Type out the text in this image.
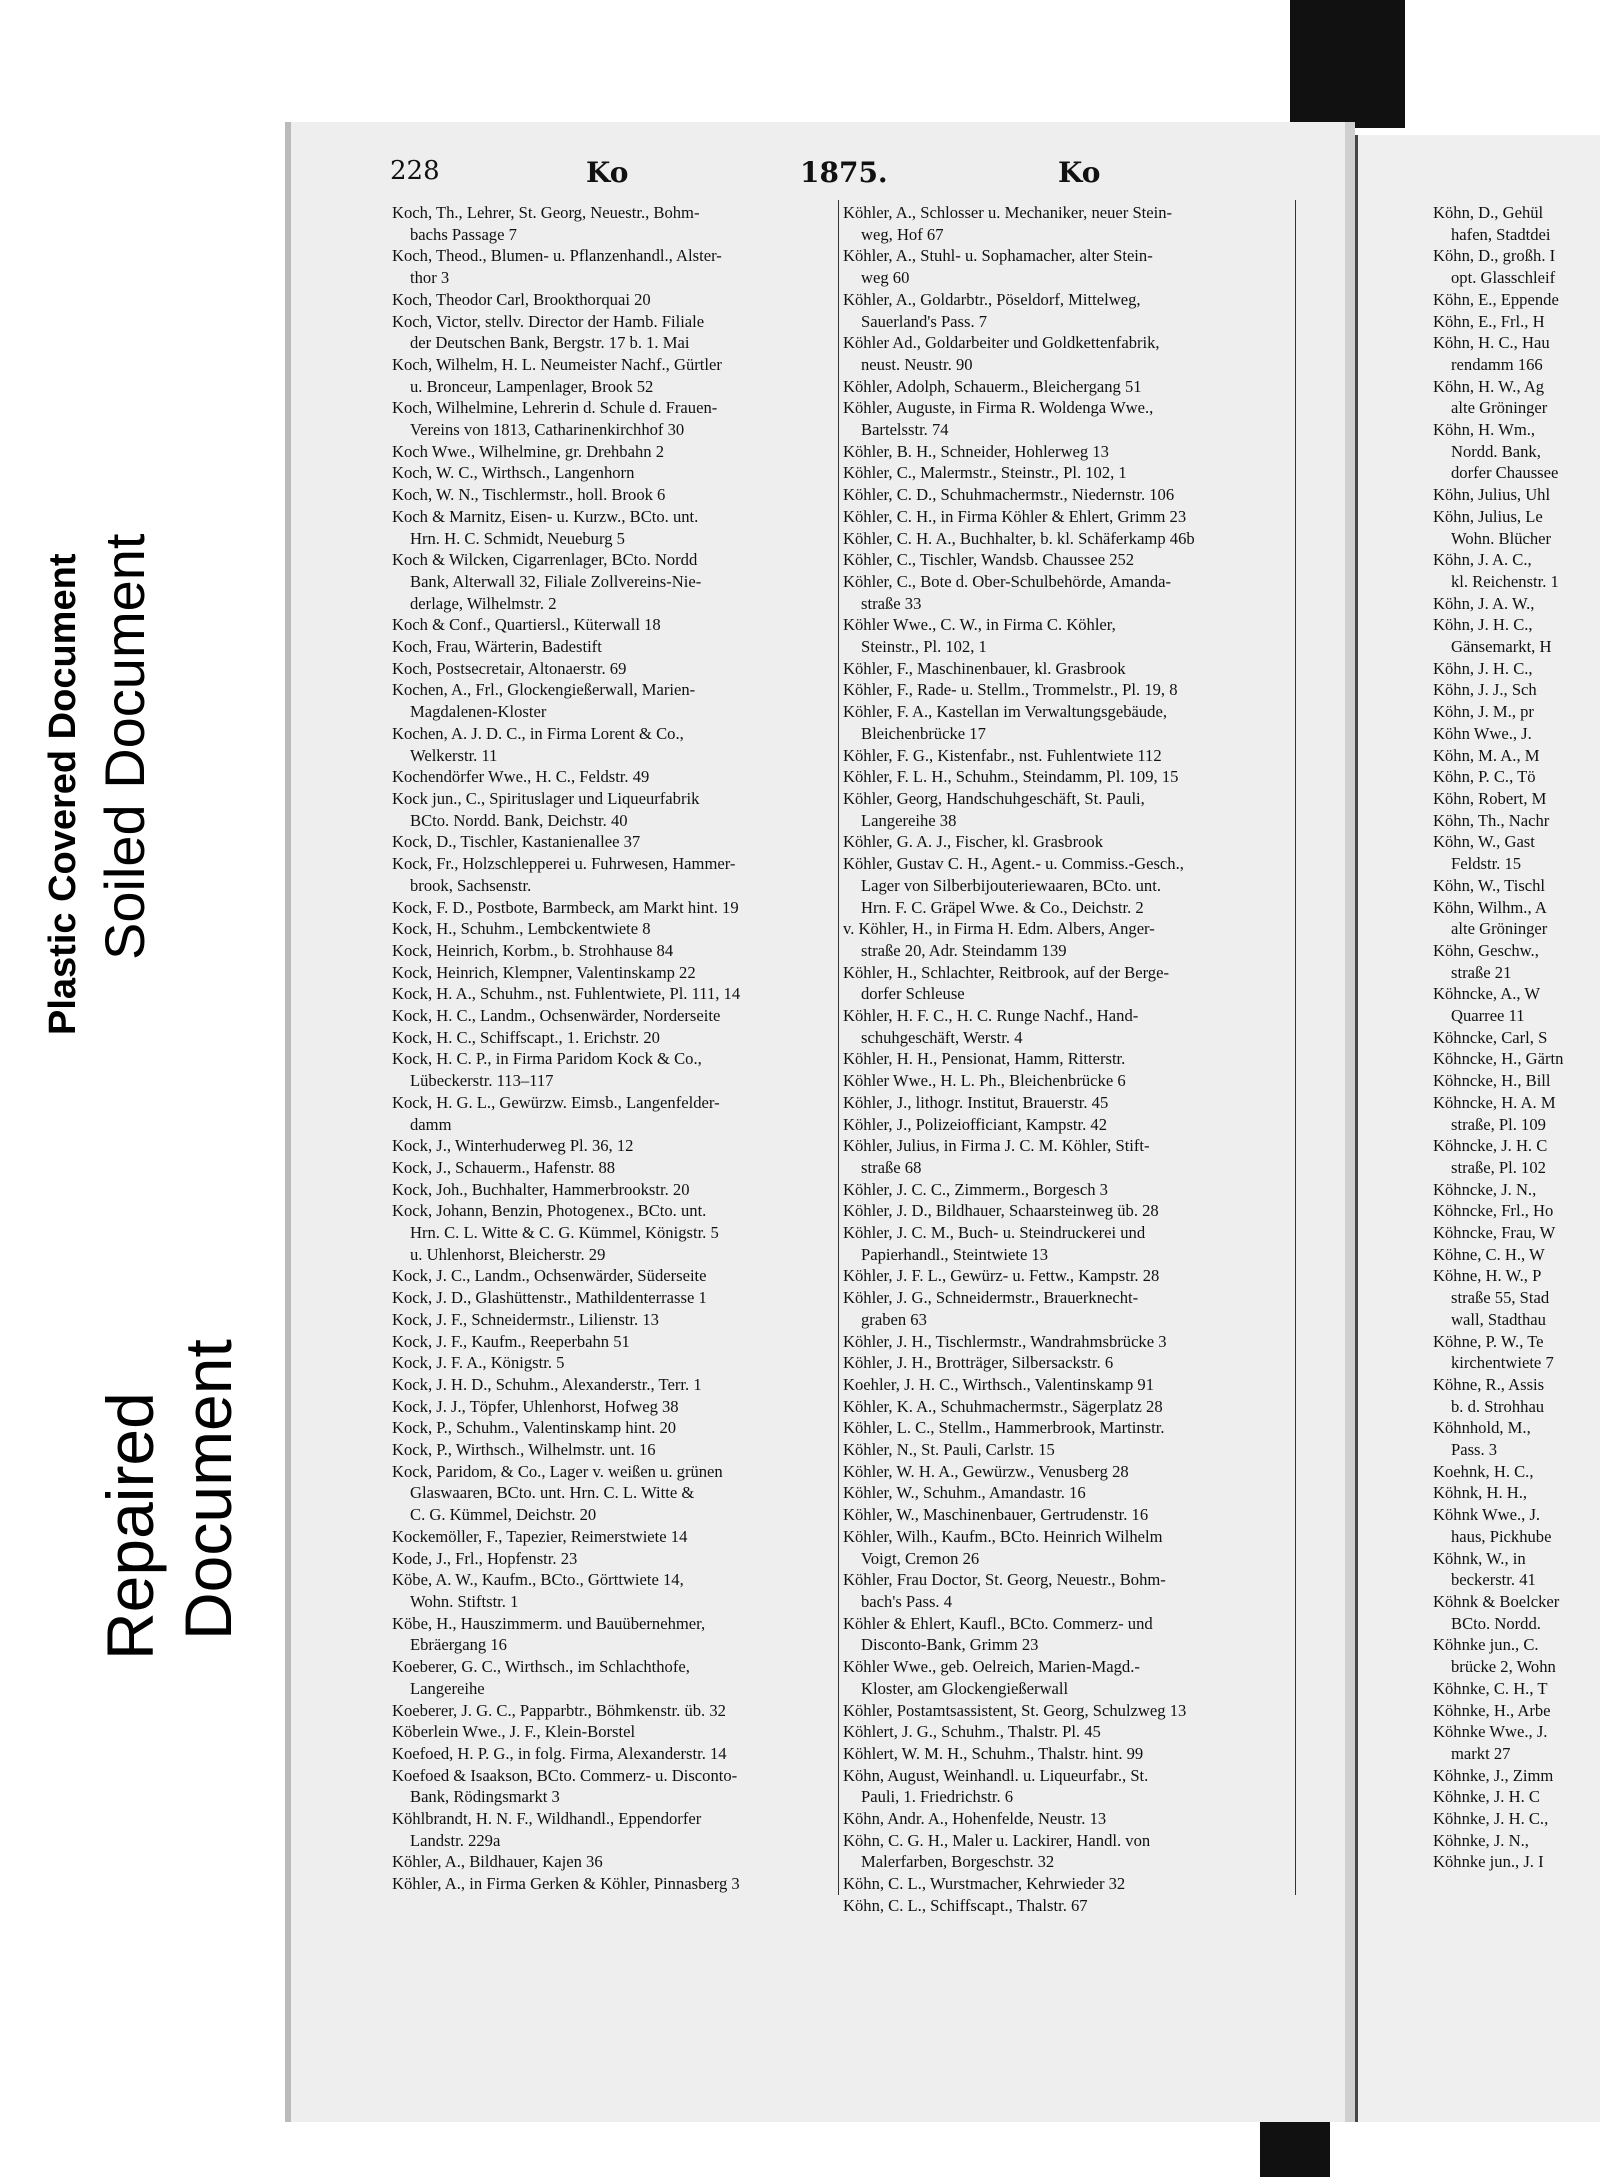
Plastic Covered Document Soiled Document
Repaired Document
228	Ko	1875.	Ko
Koch, Th., Lehrer, St. Georg, Neuestr., Bohm-
bachs Passage 7
Koch, Theod., Blumen- u. Pflanzenhandl., Alster-
thor 3
Koch, Theodor Carl, Brookthorquai 20
Koch, Victor, stellv. Director der Hamb. Filiale
der Deutschen Bank, Bergstr. 17 b. 1. Mai
Koch, Wilhelm, H. L. Neumeister Nachf., Gürtler
u. Bronceur, Lampenlager, Brook 52
Koch, Wilhelmine, Lehrerin d. Schule d. Frauen-
Vereins von 1813, Catharinenkirchhof 30
Koch Wwe., Wilhelmine, gr. Drehbahn 2
Koch, W. C., Wirthsch., Langenhorn
Koch, W. N., Tischlermstr., holl. Brook 6
Koch & Marnitz, Eisen- u. Kurzw., BCto. unt.
Hrn. H. C. Schmidt, Neueburg 5
Koch & Wilcken, Cigarrenlager, BCto. Nordd
Bank, Alterwall 32, Filiale Zollvereins-Nie-
derlage, Wilhelmstr. 2
Koch & Conf., Quartiersl., Küterwall 18
Koch, Frau, Wärterin, Badestift
Koch, Postsecretair, Altonaerstr. 69
Kochen, A., Frl., Glockengießerwall, Marien-
Magdalenen-Kloster
Kochen, A. J. D. C., in Firma Lorent & Co.,
Welkerstr. 11
Kochendörfer Wwe., H. C., Feldstr. 49
Kock jun., C., Spirituslager und Liqueurfabrik
BCto. Nordd. Bank, Deichstr. 40
Kock, D., Tischler, Kastanienallee 37
Kock, Fr., Holzschlepperei u. Fuhrwesen, Hammer-
brook, Sachsenstr.
Kock, F. D., Postbote, Barmbeck, am Markt hint. 19
Kock, H., Schuhm., Lembckentwiete 8
Kock, Heinrich, Korbm., b. Strohhause 84
Kock, Heinrich, Klempner, Valentinskamp 22
Kock, H. A., Schuhm., nst. Fuhlentwiete, Pl. 111, 14
Kock, H. C., Landm., Ochsenwärder, Norderseite
Kock, H. C., Schiffscapt., 1. Erichstr. 20
Kock, H. C. P., in Firma Paridom Kock & Co.,
Lübeckerstr. 113–117
Kock, H. G. L., Gewürzw. Eimsb., Langenfelder-
damm
Kock, J., Winterhuderweg Pl. 36, 12
Kock, J., Schauerm., Hafenstr. 88
Kock, Joh., Buchhalter, Hammerbrookstr. 20
Kock, Johann, Benzin, Photogenex., BCto. unt.
Hrn. C. L. Witte & C. G. Kümmel, Königstr. 5
u. Uhlenhorst, Bleicherstr. 29
Kock, J. C., Landm., Ochsenwärder, Süderseite
Kock, J. D., Glashüttenstr., Mathildenterrasse 1
Kock, J. F., Schneidermstr., Lilienstr. 13
Kock, J. F., Kaufm., Reeperbahn 51
Kock, J. F. A., Königstr. 5
Kock, J. H. D., Schuhm., Alexanderstr., Terr. 1
Kock, J. J., Töpfer, Uhlenhorst, Hofweg 38
Kock, P., Schuhm., Valentinskamp hint. 20
Kock, P., Wirthsch., Wilhelmstr. unt. 16
Kock, Paridom, & Co., Lager v. weißen u. grünen
Glaswaaren, BCto. unt. Hrn. C. L. Witte &
C. G. Kümmel, Deichstr. 20
Kockemöller, F., Tapezier, Reimerstwiete 14
Kode, J., Frl., Hopfenstr. 23
Köbe, A. W., Kaufm., BCto., Görttwiete 14,
Wohn. Stiftstr. 1
Köbe, H., Hauszimmerm. und Bauübernehmer,
Ebräergang 16
Koeberer, G. C., Wirthsch., im Schlachthofe,
Langereihe
Koeberer, J. G. C., Papparbtr., Böhmkenstr. üb. 32
Köberlein Wwe., J. F., Klein-Borstel
Koefoed, H. P. G., in folg. Firma, Alexanderstr. 14
Koefoed & Isaakson, BCto. Commerz- u. Disconto-
Bank, Rödingsmarkt 3
Köhlbrandt, H. N. F., Wildhandl., Eppendorfer
Landstr. 229a
Köhler, A., Bildhauer, Kajen 36
Köhler, A., in Firma Gerken & Köhler, Pinnasberg 3
Köhler, A., Schlosser u. Mechaniker, neuer Stein-
weg, Hof 67
Köhler, A., Stuhl- u. Sophamacher, alter Stein-
weg 60
Köhler, A., Goldarbtr., Pöseldorf, Mittelweg,
Sauerland's Pass. 7
Köhler Ad., Goldarbeiter und Goldkettenfabrik,
neust. Neustr. 90
Köhler, Adolph, Schauerm., Bleichergang 51
Köhler, Auguste, in Firma R. Woldenga Wwe.,
Bartelsstr. 74
Köhler, B. H., Schneider, Hohlerweg 13
Köhler, C., Malermstr., Steinstr., Pl. 102, 1
Köhler, C. D., Schuhmachermstr., Niedernstr. 106
Köhler, C. H., in Firma Köhler & Ehlert, Grimm 23
Köhler, C. H. A., Buchhalter, b. kl. Schäferkamp 46b
Köhler, C., Tischler, Wandsb. Chaussee 252
Köhler, C., Bote d. Ober-Schulbehörde, Amanda-
straße 33
Köhler Wwe., C. W., in Firma C. Köhler,
Steinstr., Pl. 102, 1
Köhler, F., Maschinenbauer, kl. Grasbrook
Köhler, F., Rade- u. Stellm., Trommelstr., Pl. 19, 8
Köhler, F. A., Kastellan im Verwaltungsgebäude,
Bleichenbrücke 17
Köhler, F. G., Kistenfabr., nst. Fuhlentwiete 112
Köhler, F. L. H., Schuhm., Steindamm, Pl. 109, 15
Köhler, Georg, Handschuhgeschäft, St. Pauli,
Langereihe 38
Köhler, G. A. J., Fischer, kl. Grasbrook
Köhler, Gustav C. H., Agent.- u. Commiss.-Gesch.,
Lager von Silberbijouteriewaaren, BCto. unt.
Hrn. F. C. Gräpel Wwe. & Co., Deichstr. 2
v. Köhler, H., in Firma H. Edm. Albers, Anger-
straße 20, Adr. Steindamm 139
Köhler, H., Schlachter, Reitbrook, auf der Berge-
dorfer Schleuse
Köhler, H. F. C., H. C. Runge Nachf., Hand-
schuhgeschäft, Werstr. 4
Köhler, H. H., Pensionat, Hamm, Ritterstr.
Köhler Wwe., H. L. Ph., Bleichenbrücke 6
Köhler, J., lithogr. Institut, Brauerstr. 45
Köhler, J., Polizeiofficiant, Kampstr. 42
Köhler, Julius, in Firma J. C. M. Köhler, Stift-
straße 68
Köhler, J. C. C., Zimmerm., Borgesch 3
Köhler, J. D., Bildhauer, Schaarsteinweg üb. 28
Köhler, J. C. M., Buch- u. Steindruckerei und
Papierhandl., Steintwiete 13
Köhler, J. F. L., Gewürz- u. Fettw., Kampstr. 28
Köhler, J. G., Schneidermstr., Brauerknecht-
graben 63
Köhler, J. H., Tischlermstr., Wandrahmsbrücke 3
Köhler, J. H., Brotträger, Silbersackstr. 6
Koehler, J. H. C., Wirthsch., Valentinskamp 91
Köhler, K. A., Schuhmachermstr., Sägerplatz 28
Köhler, L. C., Stellm., Hammerbrook, Martinstr.
Köhler, N., St. Pauli, Carlstr. 15
Köhler, W. H. A., Gewürzw., Venusberg 28
Köhler, W., Schuhm., Amandastr. 16
Köhler, W., Maschinenbauer, Gertrudenstr. 16
Köhler, Wilh., Kaufm., BCto. Heinrich Wilhelm
Voigt, Cremon 26
Köhler, Frau Doctor, St. Georg, Neuestr., Bohm-
bach's Pass. 4
Köhler & Ehlert, Kaufl., BCto. Commerz- und
Disconto-Bank, Grimm 23
Köhler Wwe., geb. Oelreich, Marien-Magd.-
Kloster, am Glockengießerwall
Köhler, Postamtsassistent, St. Georg, Schulzweg 13
Köhlert, J. G., Schuhm., Thalstr. Pl. 45
Köhlert, W. M. H., Schuhm., Thalstr. hint. 99
Köhn, August, Weinhandl. u. Liqueurfabr., St.
Pauli, 1. Friedrichstr. 6
Köhn, Andr. A., Hohenfelde, Neustr. 13
Köhn, C. G. H., Maler u. Lackirer, Handl. von
Malerfarben, Borgeschstr. 32
Köhn, C. L., Wurstmacher, Kehrwieder 32
Köhn, C. L., Schiffscapt., Thalstr. 67
Köhn, D., Gehül
hafen, Stadtdei
Köhn, D., großh. I
opt. Glasschleif
Köhn, E., Eppende
Köhn, E., Frl., H
Köhn, H. C., Hau
rendamm 166
Köhn, H. W., Ag
alte Gröninger
Köhn, H. Wm.,
Nordd. Bank,
dorfer Chaussee
Köhn, Julius, Uhl
Köhn, Julius, Le
Wohn. Blücher
Köhn, J. A. C.,
kl. Reichenstr. 1
Köhn, J. A. W.,
Köhn, J. H. C.,
Gänsemarkt, H
Köhn, J. H. C.,
Köhn, J. J., Sch
Köhn, J. M., pr
Köhn Wwe., J.
Köhn, M. A., M
Köhn, P. C., Tö
Köhn, Robert, M
Köhn, Th., Nachr
Köhn, W., Gast
Feldstr. 15
Köhn, W., Tischl
Köhn, Wilhm., A
alte Gröninger
Köhn, Geschw.,
straße 21
Köhncke, A., W
Quarree 11
Köhncke, Carl, S
Köhncke, H., Gärtn
Köhncke, H., Bill
Köhncke, H. A. M
straße, Pl. 109
Köhncke, J. H. C
straße, Pl. 102
Köhncke, J. N.,
Köhncke, Frl., Ho
Köhncke, Frau, W
Köhne, C. H., W
Köhne, H. W., P
straße 55, Stad
wall, Stadthau
Köhne, P. W., Te
kirchentwiete 7
Köhne, R., Assis
b. d. Strohhau
Köhnhold, M.,
Pass. 3
Koehnk, H. C.,
Köhnk, H. H.,
Köhnk Wwe., J.
haus, Pickhube
Köhnk, W., in
beckerstr. 41
Köhnk & Boelcker
BCto. Nordd.
Köhnke jun., C.
brücke 2, Wohn
Köhnke, C. H., T
Köhnke, H., Arbe
Köhnke Wwe., J.
markt 27
Köhnke, J., Zimm
Köhnke, J. H. C
Köhnke, J. H. C.,
Köhnke, J. N.,
Köhnke jun., J. I
